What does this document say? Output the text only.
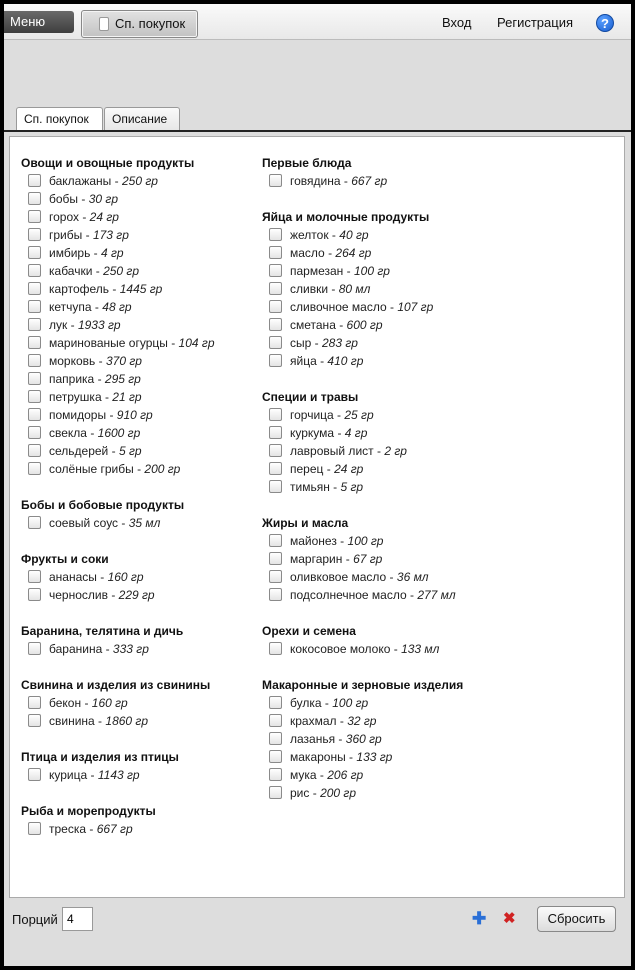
Меню	Сп. покупок	Вход Регистрация	?
Сп. покупок	Описание
Овощи и овощные продукты
баклажаны - 250 гр
бобы - 30 гр
горох - 24 гр
грибы - 173 гр
имбирь - 4 гр
кабачки - 250 гр
картофель - 1445 гр
кетчупа - 48 гр
лук - 1933 гр
маринованые огурцы - 104 гр
морковь - 370 гр
паприка - 295 гр
петрушка - 21 гр
помидоры - 910 гр
свекла - 1600 гр
сельдерей - 5 гр
солёные грибы - 200 гр
Бобы и бобовые продукты
соевый соус - 35 мл
Фрукты и соки
ананасы - 160 гр
чернослив - 229 гр
Баранина, телятина и дичь
баранина - 333 гр
Свинина и изделия из свинины
бекон - 160 гр
свинина - 1860 гр
Птица и изделия из птицы
курица - 1143 гр
Рыба и морепродукты
треска - 667 гр
Первые блюда
говядина - 667 гр
Яйца и молочные продукты
желток - 40 гр
масло - 264 гр
пармезан - 100 гр
сливки - 80 мл
сливочное масло - 107 гр
сметана - 600 гр
сыр - 283 гр
яйца - 410 гр
Специи и травы
горчица - 25 гр
куркума - 4 гр
лавровый лист - 2 гр
перец - 24 гр
тимьян - 5 гр
Жиры и масла
майонез - 100 гр
маргарин - 67 гр
оливковое масло - 36 мл
подсолнечное масло - 277 мл
Орехи и семена
кокосовое молоко - 133 мл
Макаронные и зерновые изделия
булка - 100 гр
крахмал - 32 гр
лазанья - 360 гр
макароны - 133 гр
мука - 206 гр
рис - 200 гр
Порций
4	✚ ✖	Сбросить
